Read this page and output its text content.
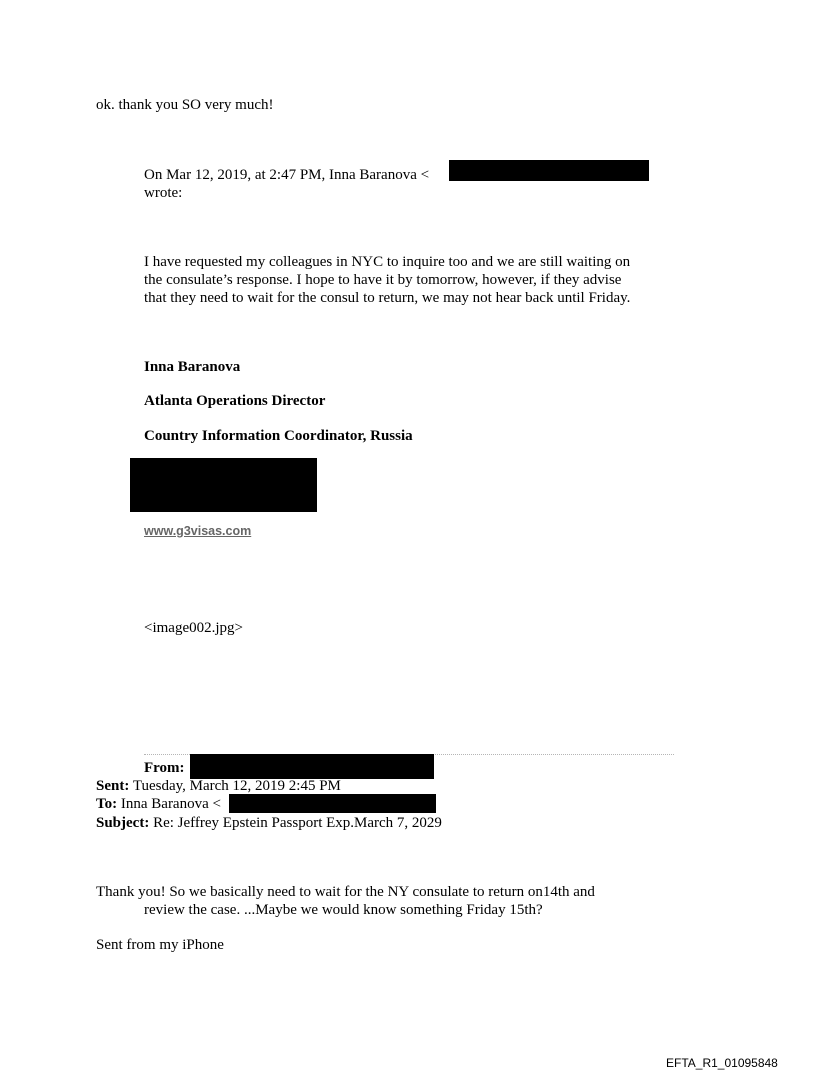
ok. thank you SO very much!
On Mar 12, 2019, at 2:47 PM, Inna Baranova <
wrote:
I have requested my colleagues in NYC to inquire too and we are still waiting on
the consulate’s response. I hope to have it by tomorrow, however, if they advise
that they need to wait for the consul to return, we may not hear back until Friday.
Inna Baranova
Atlanta Operations Director
Country Information Coordinator, Russia
www.g3visas.com
<image002.jpg>
From:
Sent: Tuesday, March 12, 2019 2:45 PM
To: Inna Baranova <
Subject: Re: Jeffrey Epstein Passport Exp.March 7, 2029
Thank you! So we basically need to wait for the NY consulate to return on14th and
review the case. ...Maybe we would know something Friday 15th?
Sent from my iPhone
EFTA_R1_01095848
